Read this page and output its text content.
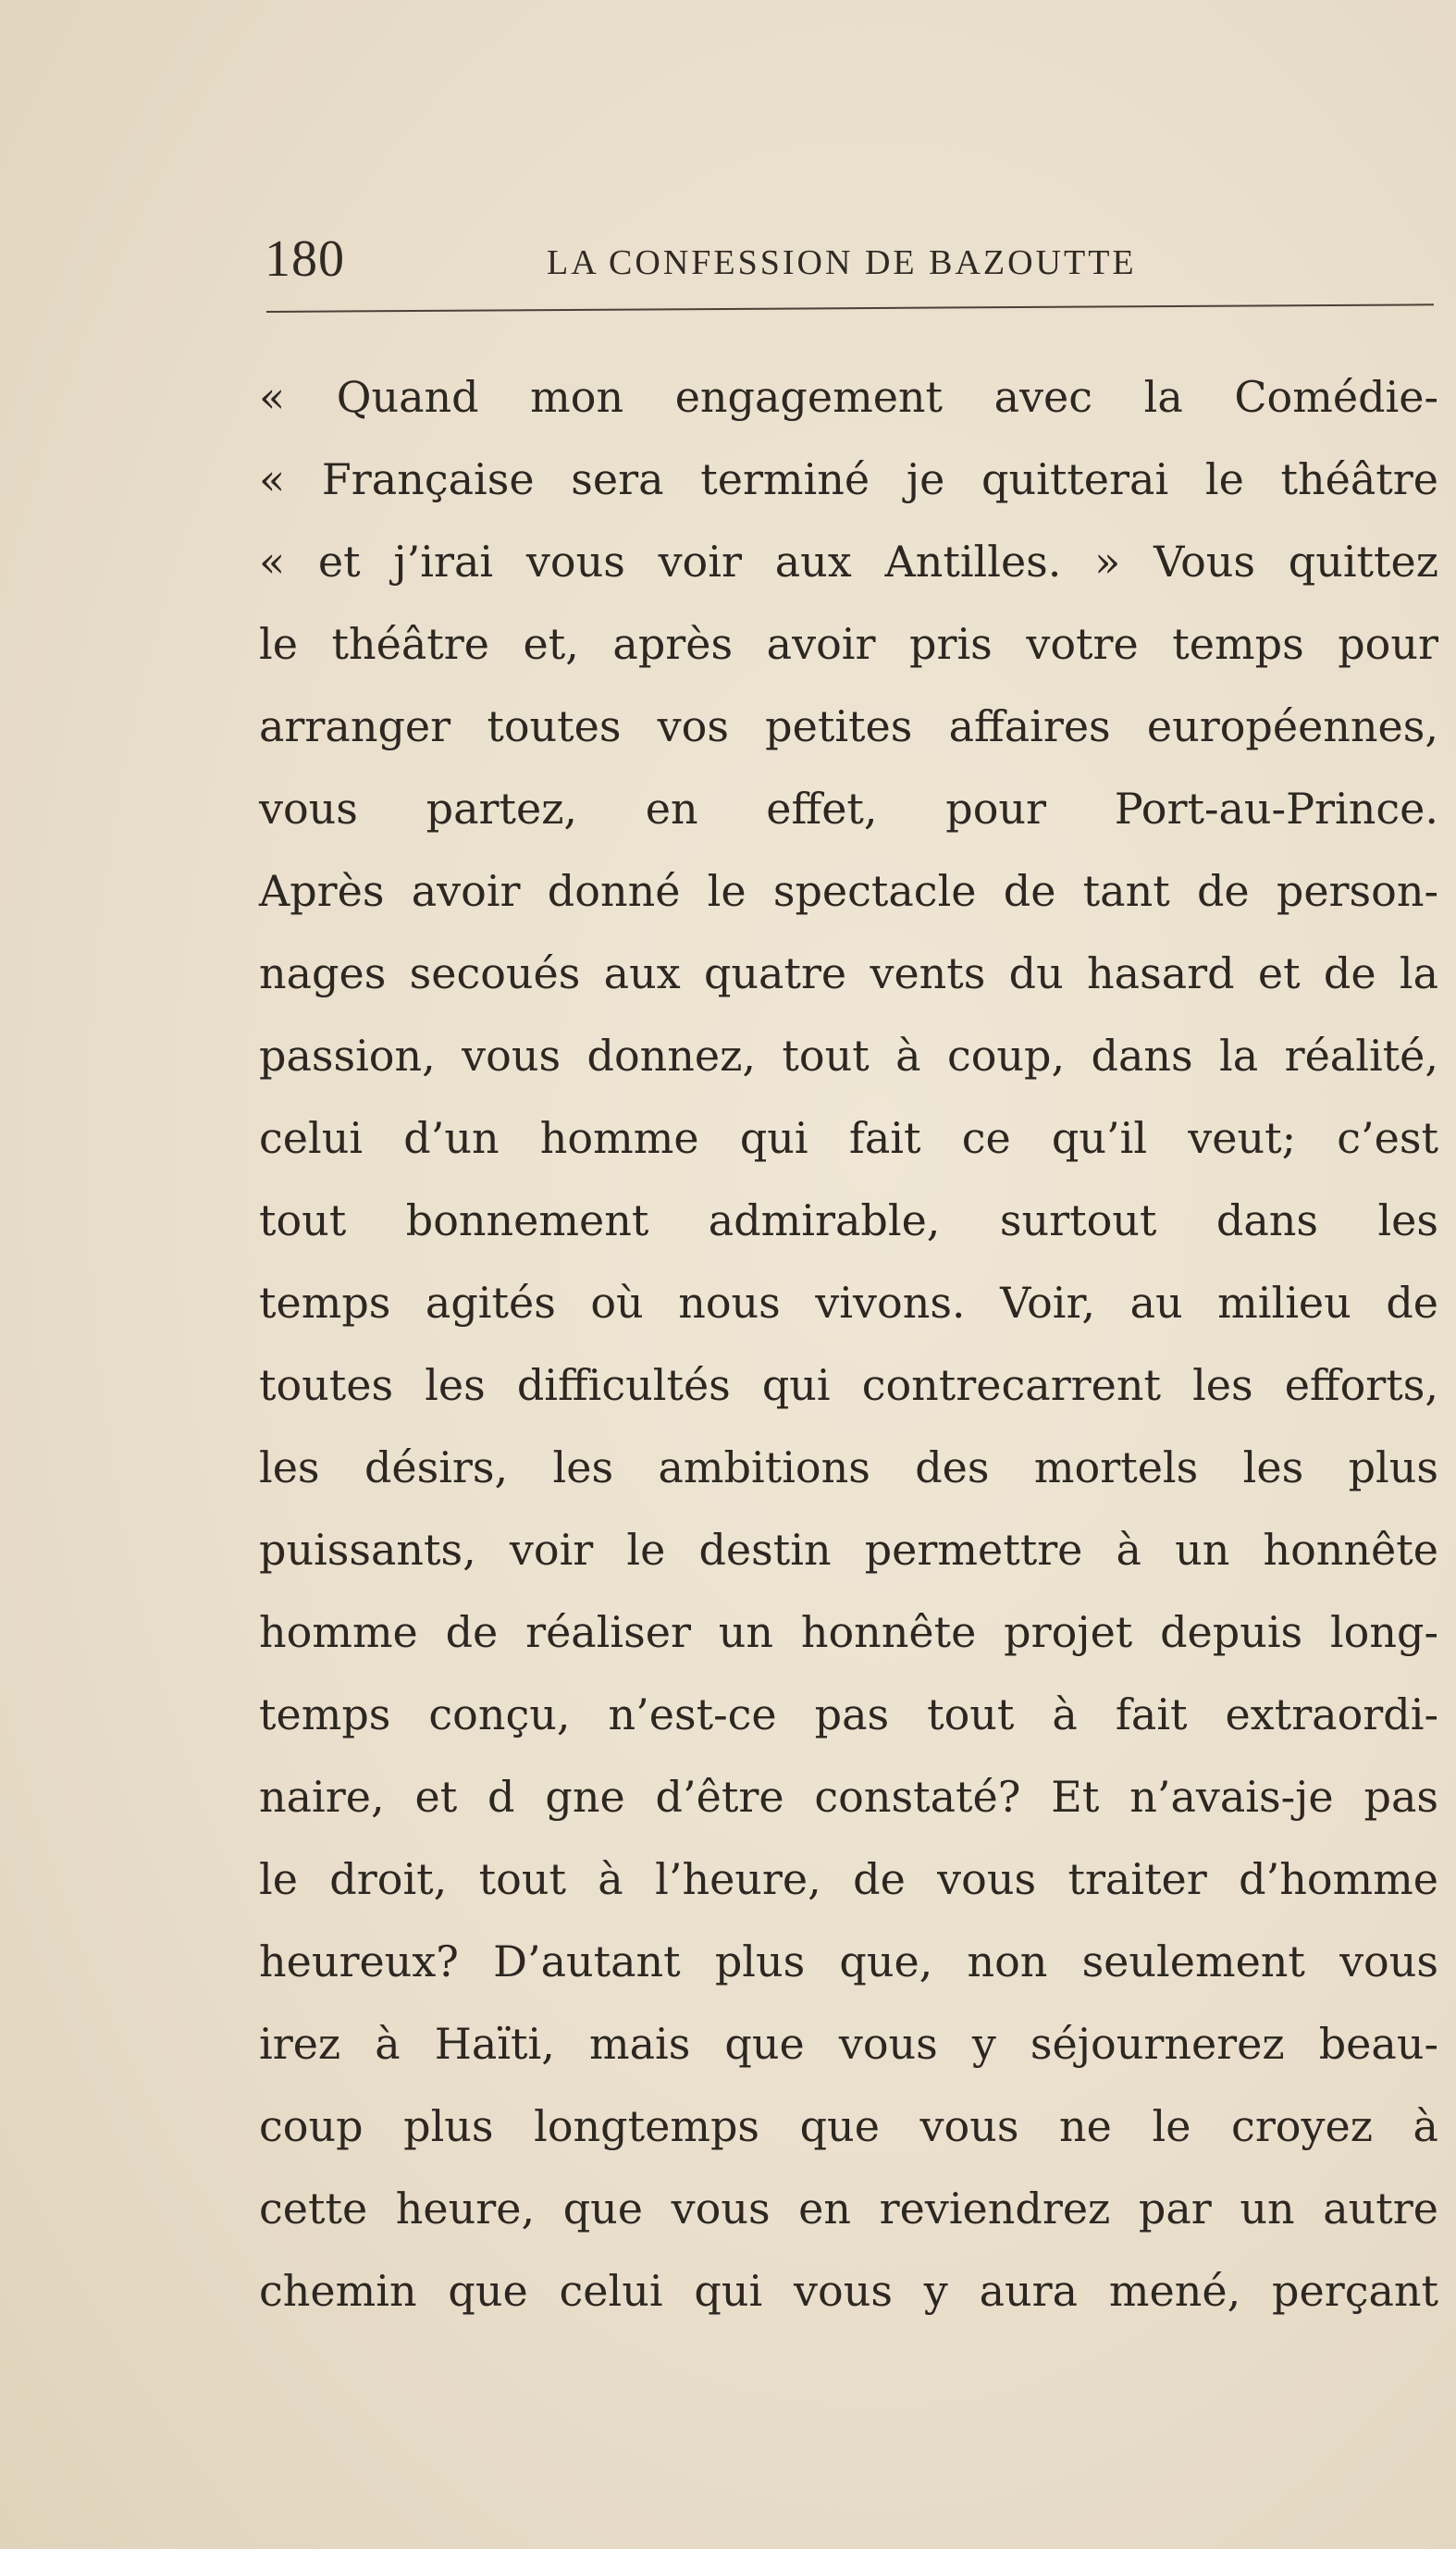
180	LA CONFESSION DE BAZOUTTE
« Quand mon engagement avec la Comédie-
« Française sera terminé je quitterai le théâtre
« et j’irai vous voir aux Antilles. » Vous quittez
le théâtre et, après avoir pris votre temps pour
arranger toutes vos petites affaires européennes,
vous partez, en effet, pour Port-au-Prince.
Après avoir donné le spectacle de tant de person-
nages secoués aux quatre vents du hasard et de la
passion, vous donnez, tout à coup, dans la réalité,
celui d’un homme qui fait ce qu’il veut; c’est
tout bonnement admirable, surtout dans les
temps agités où nous vivons. Voir, au milieu de
toutes les difficultés qui contrecarrent les efforts,
les désirs, les ambitions des mortels les plus
puissants, voir le destin permettre à un honnête
homme de réaliser un honnête projet depuis long-
temps conçu, n’est-ce pas tout à fait extraordi-
naire, et d gne d’être constaté? Et n’avais-je pas
le droit, tout à l’heure, de vous traiter d’homme
heureux? D’autant plus que, non seulement vous
irez à Haïti, mais que vous y séjournerez beau-
coup plus longtemps que vous ne le croyez à
cette heure, que vous en reviendrez par un autre
chemin que celui qui vous y aura mené, perçant
